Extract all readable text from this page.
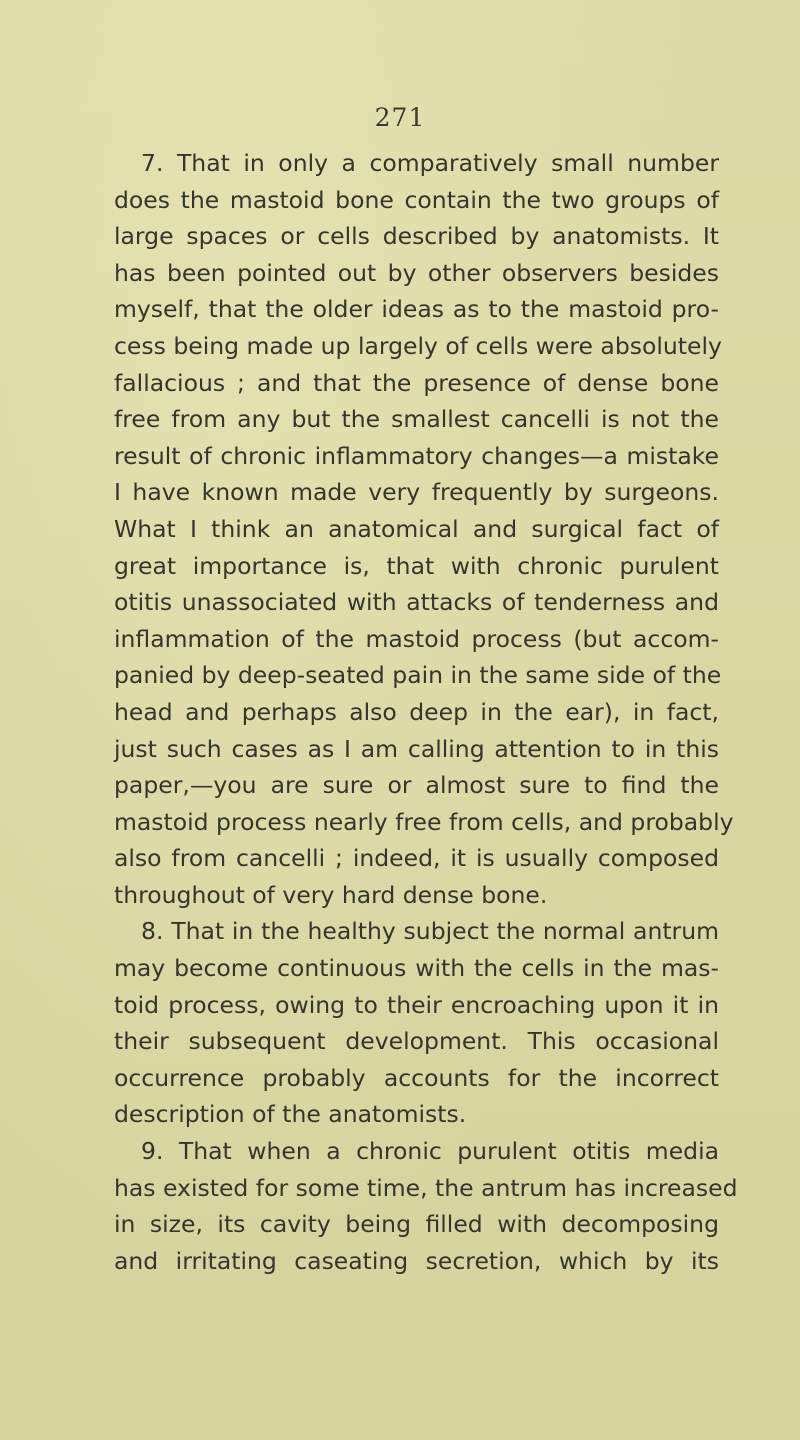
271
7. That in only a comparatively small number
does the mastoid bone contain the two groups of
large spaces or cells described by anatomists. It
has been pointed out by other observers besides
myself, that the older ideas as to the mastoid pro-
cess being made up largely of cells were absolutely
fallacious ; and that the presence of dense bone
free from any but the smallest cancelli is not the
result of chronic inflammatory changes—a mistake
I have known made very frequently by surgeons.
What I think an anatomical and surgical fact of
great importance is, that with chronic purulent
otitis unassociated with attacks of tenderness and
inflammation of the mastoid process (but accom-
panied by deep-seated pain in the same side of the
head and perhaps also deep in the ear), in fact,
just such cases as I am calling attention to in this
paper,—you are sure or almost sure to find the
mastoid process nearly free from cells, and probably
also from cancelli ; indeed, it is usually composed
throughout of very hard dense bone.
8. That in the healthy subject the normal antrum
may become continuous with the cells in the mas-
toid process, owing to their encroaching upon it in
their subsequent development. This occasional
occurrence probably accounts for the incorrect
description of the anatomists.
9. That when a chronic purulent otitis media
has existed for some time, the antrum has increased
in size, its cavity being filled with decomposing
and irritating caseating secretion, which by its
